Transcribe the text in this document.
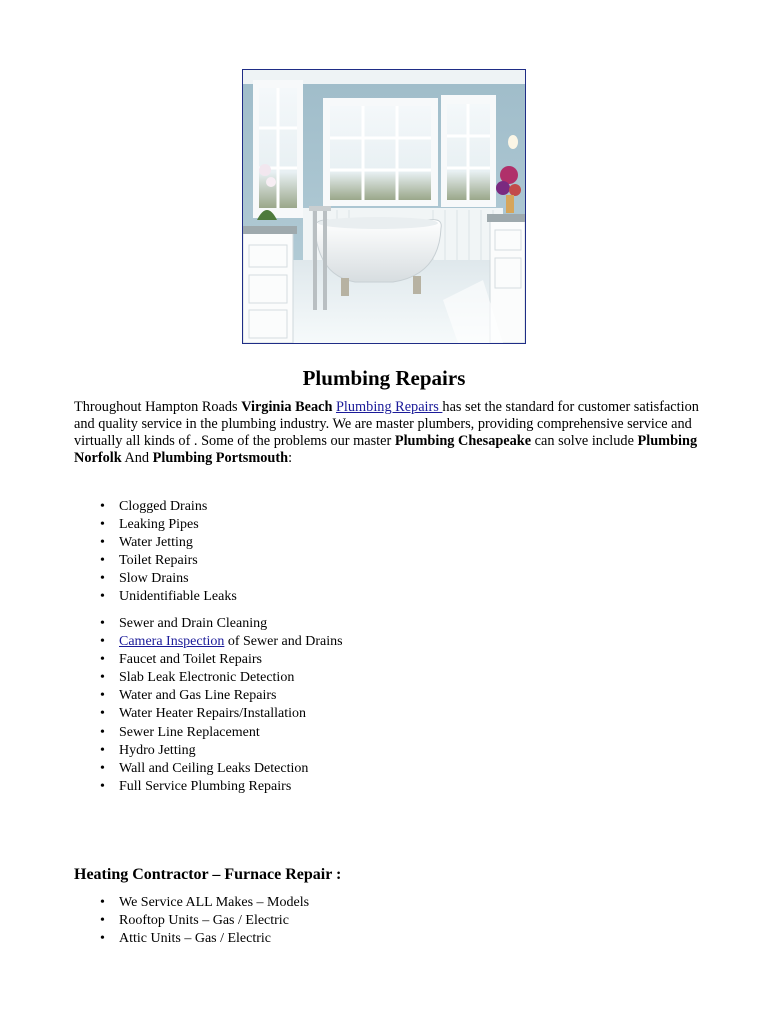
Plumbing Repairs

Throughout Hampton Roads Virginia Beach Plumbing Repairs has set the standard for customer satisfaction and quality service in the plumbing industry. We are master plumbers, providing comprehensive service and virtually all kinds of . Some of the problems our master Plumbing Chesapeake can solve include Plumbing Norfolk And Plumbing Portsmouth:

• Clogged Drains
• Leaking Pipes
• Water Jetting
• Toilet Repairs
• Slow Drains
• Unidentifiable Leaks
• Sewer and Drain Cleaning
• Camera Inspection of Sewer and Drains
• Faucet and Toilet Repairs
• Slab Leak Electronic Detection
• Water and Gas Line Repairs
• Water Heater Repairs/Installation
• Sewer Line Replacement
• Hydro Jetting
• Wall and Ceiling Leaks Detection
• Full Service Plumbing Repairs
Heating Contractor – Furnace Repair :
• We Service ALL Makes – Models
• Rooftop Units – Gas / Electric
• Attic Units – Gas / Electric
